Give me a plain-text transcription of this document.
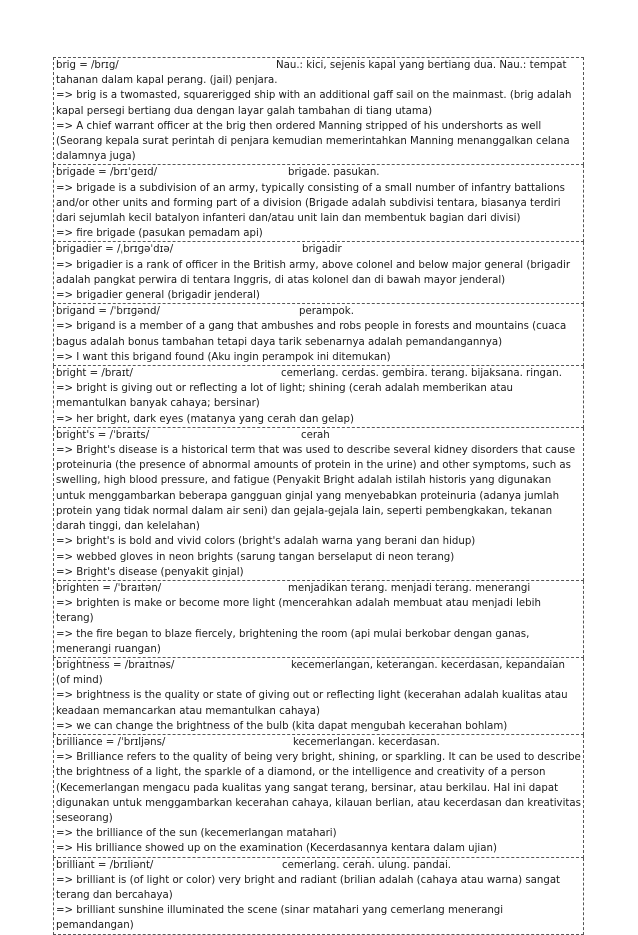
brig = /brɪg/	Nau.: kici, sejenis kapal yang bertiang dua. Nau.: tempat tahanan dalam kapal perang. (jail) penjara.
=> brig is a twomasted, squarerigged ship with an additional gaff sail on the mainmast. (brig adalah kapal persegi bertiang dua dengan layar galah tambahan di tiang utama)
=> A chief warrant officer at the brig then ordered Manning stripped of his undershorts as well (Seorang kepala surat perintah di penjara kemudian memerintahkan Manning menanggalkan celana dalamnya juga)
brigade = /brɪˈɡeɪd/	brigade. pasukan.
=> brigade is a subdivision of an army, typically consisting of a small number of infantry battalions and/or other units and forming part of a division (Brigade adalah subdivisi tentara, biasanya terdiri dari sejumlah kecil batalyon infanteri dan/atau unit lain dan membentuk bagian dari divisi)
=> fire brigade (pasukan pemadam api)
brigadier = /ˌbrɪɡəˈdɪə/	brigadir
=> brigadier is a rank of officer in the British army, above colonel and below major general (brigadir adalah pangkat perwira di tentara Inggris, di atas kolonel dan di bawah mayor jenderal)
=> brigadier general (brigadir jenderal)
brigand = /ˈbrɪɡənd/	perampok.
=> brigand is a member of a gang that ambushes and robs people in forests and mountains (cuaca bagus adalah bonus tambahan tetapi daya tarik sebenarnya adalah pemandangannya)
=> I want this brigand found (Aku ingin perampok ini ditemukan)
bright = /braɪt/	cemerlang. cerdas. gembira. terang. bijaksana. ringan.
=> bright is giving out or reflecting a lot of light; shining (cerah adalah memberikan atau memantulkan banyak cahaya; bersinar)
=> her bright, dark eyes (matanya yang cerah dan gelap)
bright's = /ˈbraɪts/	cerah
=> Bright's disease is a historical term that was used to describe several kidney disorders that cause proteinuria (the presence of abnormal amounts of protein in the urine) and other symptoms, such as swelling, high blood pressure, and fatigue (Penyakit Bright adalah istilah historis yang digunakan untuk menggambarkan beberapa gangguan ginjal yang menyebabkan proteinuria (adanya jumlah protein yang tidak normal dalam air seni) dan gejala-gejala lain, seperti pembengkakan, tekanan darah tinggi, dan kelelahan)
=> bright's is bold and vivid colors (bright's adalah warna yang berani dan hidup)
=> webbed gloves in neon brights (sarung tangan berselaput di neon terang)
=> Bright's disease (penyakit ginjal)
brighten = /ˈbraɪtən/	menjadikan terang. menjadi terang. menerangi
=> brighten is make or become more light (mencerahkan adalah membuat atau menjadi lebih terang)
=> the fire began to blaze fiercely, brightening the room (api mulai berkobar dengan ganas, menerangi ruangan)
brightness = /braɪtnəs/	kecemerlangan, keterangan. kecerdasan, kepandaian (of mind)
=> brightness is the quality or state of giving out or reflecting light (kecerahan adalah kualitas atau keadaan memancarkan atau memantulkan cahaya)
=> we can change the brightness of the bulb (kita dapat mengubah kecerahan bohlam)
brilliance = /ˈbrɪljəns/	kecemerlangan. kecerdasan.
=> Brilliance refers to the quality of being very bright, shining, or sparkling. It can be used to describe the brightness of a light, the sparkle of a diamond, or the intelligence and creativity of a person (Kecemerlangan mengacu pada kualitas yang sangat terang, bersinar, atau berkilau. Hal ini dapat digunakan untuk menggambarkan kecerahan cahaya, kilauan berlian, atau kecerdasan dan kreativitas seseorang)
=> the brilliance of the sun (kecemerlangan matahari)
=> His brilliance showed up on the examination (Kecerdasannya kentara dalam ujian)
brilliant = /brɪliənt/	cemerlang. cerah. ulung. pandai.
=> brilliant is (of light or color) very bright and radiant (brilian adalah (cahaya atau warna) sangat terang dan bercahaya)
=> brilliant sunshine illuminated the scene (sinar matahari yang cemerlang menerangi pemandangan)
